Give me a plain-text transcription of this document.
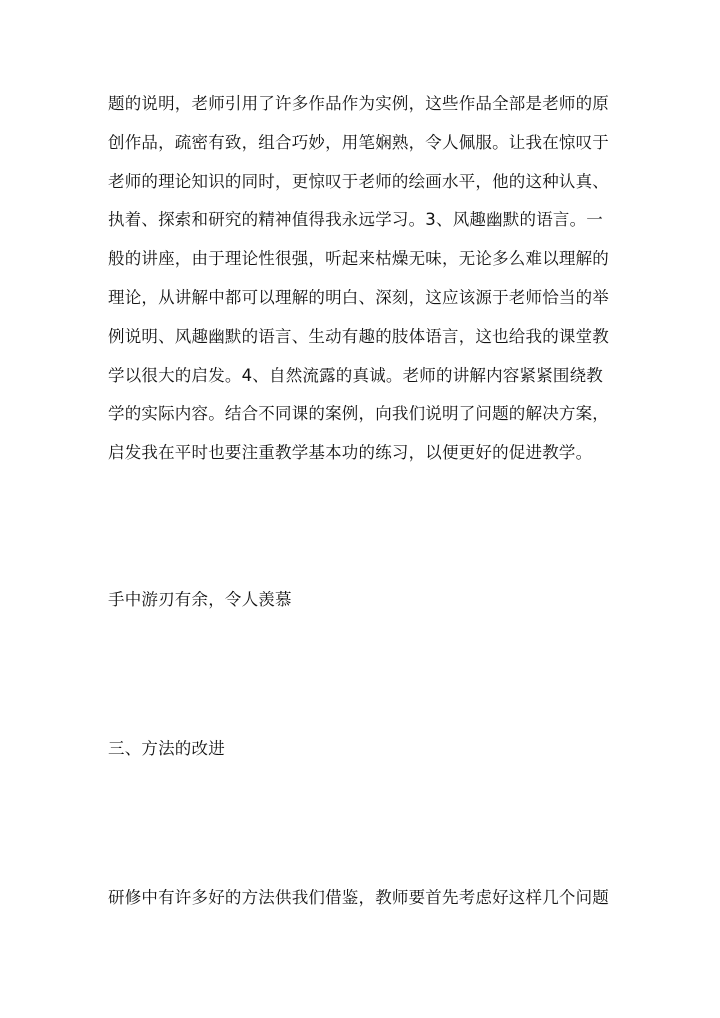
题的说明，老师引用了许多作品作为实例，这些作品全部是老师的原
创作品，疏密有致，组合巧妙，用笔娴熟，令人佩服。让我在惊叹于
老师的理论知识的同时，更惊叹于老师的绘画水平，他的这种认真、
执着、探索和研究的精神值得我永远学习。3、风趣幽默的语言。一
般的讲座，由于理论性很强，听起来枯燥无味，无论多么难以理解的
理论，从讲解中都可以理解的明白、深刻，这应该源于老师恰当的举
例说明、风趣幽默的语言、生动有趣的肢体语言，这也给我的课堂教
学以很大的启发。4、自然流露的真诚。老师的讲解内容紧紧围绕教
学的实际内容。结合不同课的案例，向我们说明了问题的解决方案，
启发我在平时也要注重教学基本功的练习，以便更好的促进教学。
手中游刃有余，令人羡慕
三、方法的改进
研修中有许多好的方法供我们借鉴，教师要首先考虑好这样几个问题
